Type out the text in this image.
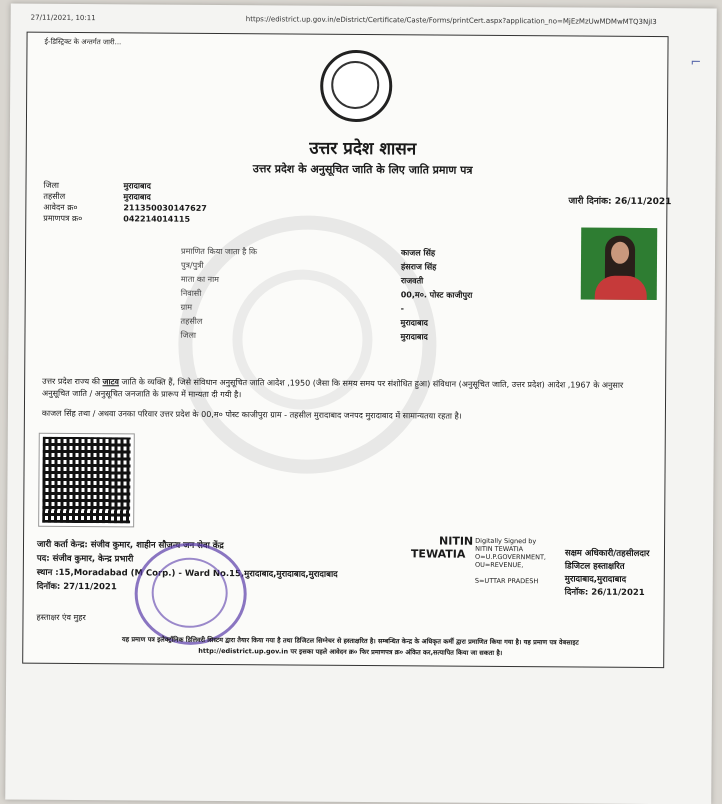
27/11/2021, 10:11	https://edistrict.up.gov.in/eDistrict/Certificate/Caste/Forms/printCert.aspx?application_no=MjEzMzUwMDMwMTQ3NjI3
ई-डिस्ट्रिक्ट के अन्तर्गत जारी...
उत्तर प्रदेश शासन
उत्तर प्रदेश के अनुसूचित जाति के लिए जाति प्रमाण पत्र
जिला	मुरादाबाद
तहसील	मुरादाबाद
आवेदन क्र०	211350030147627
प्रमाणपत्र क्र०	042214014115
जारी दिनांक: 26/11/2021
प्रमाणित किया जाता है कि	काजल सिंह
पुत्र/पुत्री	हंसराज सिंह
माता का नाम	राजवती
निवासी	00,म०. पोस्ट काजीपुरा
ग्राम	-
तहसील	मुरादाबाद
जिला	मुरादाबाद
उत्तर प्रदेश राज्य की जाटव जाति के व्यक्ति हैं, जिसे संविधान अनुसूचित जाति आदेश ,1950 (जैसा कि समय समय पर संशोधित हुआ) संविधान (अनुसूचित जाति, उत्तर प्रदेश) आदेश ,1967 के अनुसार अनुसूचित जाति / अनुसूचित जनजाति के प्रारूप में मान्यता दी गयी है।
काजल सिंह तथा / अथवा उनका परिवार उत्तर प्रदेश के 00,म० पोस्ट काजीपुरा ग्राम - तहसील मुरादाबाद जनपद मुरादाबाद में सामान्यतया रहता है।
जारी कर्ता केन्द्र: संजीव कुमार, शाहीन सौजन्य जन सेवा केंद्र
पद: संजीव कुमार, केन्द्र प्रभारी
स्थान :15,Moradabad (M Corp.) - Ward No.15,मुरादाबाद,मुरादाबाद,मुरादाबाद
दिनॉक: 27/11/2021
हस्ताक्षर एंव मुहर
NITIN
TEWATIA
Digitally Signed by
NITIN TEWATIA
O=U.P.GOVERNMENT,
OU=REVENUE,

S=UTTAR PRADESH
सक्षम अधिकारी/तहसीलदार
डिजिटल हस्ताक्षरित
मुरादाबाद,मुरादाबाद
दिनॉक: 26/11/2021
यह प्रमाण पत्र इलेक्ट्रॉनिक डिलिवरी सिस्टम द्वारा तैयार किया गया है तथा डिजिटल सिग्नेचर से हस्ताक्षरित है। सम्बन्धित केन्द्र के अधिकृत कर्मी द्वारा प्रमाणित किया गया है। यह प्रमाण पत्र वेबसाइट
http://edistrict.up.gov.in पर इसका पहले आवेदन क्र० फिर प्रमाणपत्र क्र० अंकित कर,सत्यापित किया जा सकता है।
⌐
